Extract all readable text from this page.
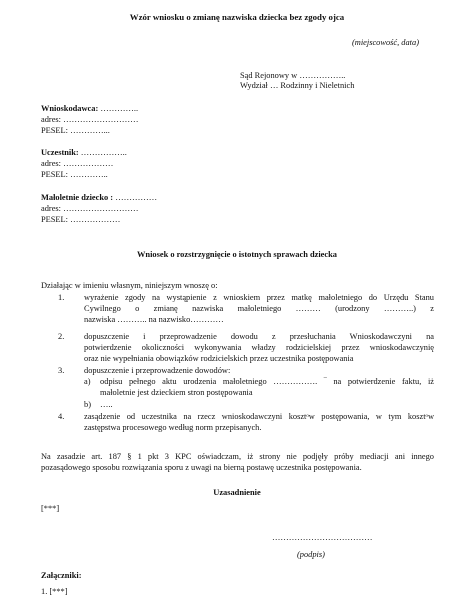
Wzór wniosku o zmianę nazwiska dziecka bez zgody ojca
(miejscowość, data)
Sąd Rejonowy w ……………..
Wydział … Rodzinny i Nieletnich
Wnioskodawca: …………..
adres: ………………………
PESEL: …………...
Uczestnik: ……………..
adres: ………………
PESEL: …………..
Małoletnie dziecko : ……………
adres: ………………………
PESEL: ………………
Wniosek o rozstrzygnięcie o istotnych sprawach dziecka
Działając w imieniu własnym, niniejszym wnoszę o:
1. wyrażenie zgody na wystąpienie z wnioskiem przez matkę małoletniego do Urzędu Stanu
Cywilnego o zmianę nazwiska małoletniego ……… (urodzony ………..) z
nazwiska ……….. na nazwisko…………
2. dopuszczenie i przeprowadzenie dowodu z przesłuchania Wnioskodawczyni na
potwierdzenie okoliczności wykonywania władzy rodzicielskiej przez wnioskodawczynię
oraz nie wypełniania obowiązków rodzicielskich przez uczestnika postępowania
3. dopuszczenie i przeprowadzenie dowodów:
a) odpisu pełnego aktu urodzenia małoletniego ……………. ‾ na potwierdzenie faktu, iż
małoletnie jest dzieckiem stron postępowania
b) …..
4. zasądzenie od uczestnika na rzecz wnioskodawczyni kosztᵒw postępowania, w tym kosztᵒw
zastępstwa procesowego według norm przepisanych.
Na zasadzie art. 187 § 1 pkt 3 KPC oświadczam, iż strony nie podjęły próby mediacji ani innego
pozasądowego sposobu rozwiązania sporu z uwagi na bierną postawę uczestnika postępowania.
Uzasadnienie
[***]
………………………………
(podpis)
Załączniki:
1. [***]
